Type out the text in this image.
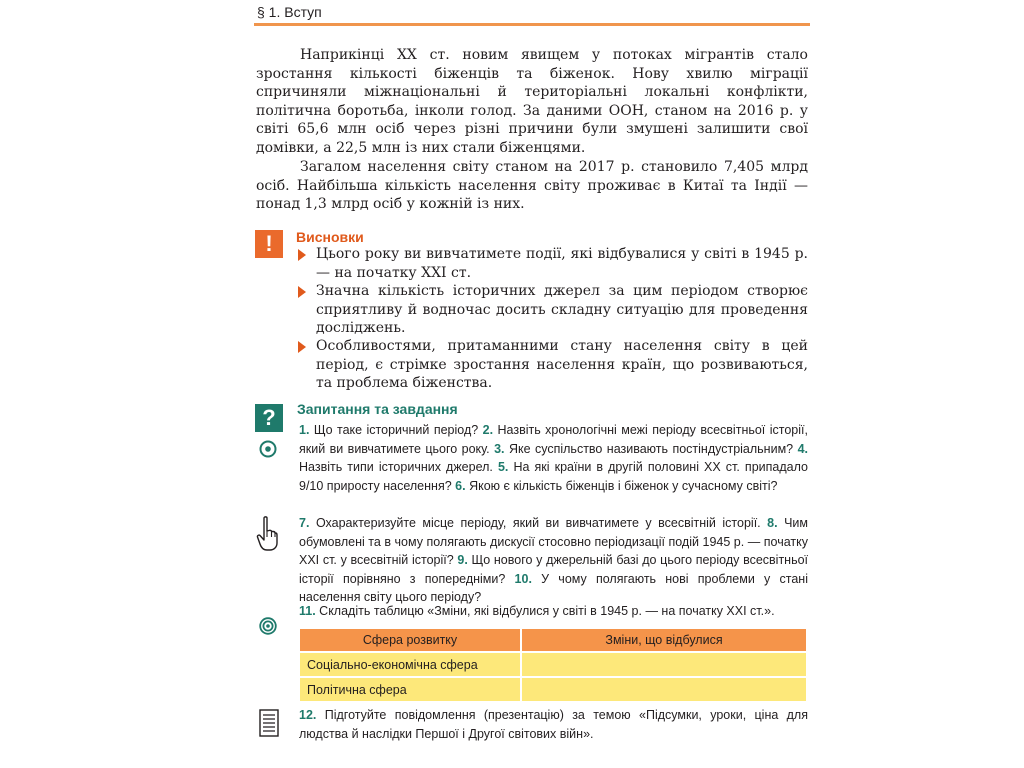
§ 1. Вступ

Наприкінці XX ст. новим явищем у потоках мігрантів стало зростання кількості біженців та біженок. Нову хвилю міграції спричиняли міжнаціональні й територіальні локальні конфлікти, політична боротьба, інколи голод. За даними ООН, станом на 2016 р. у світі 65,6 млн осіб через різні причини були змушені залишити свої домівки, а 22,5 млн із них стали біженцями.

Загалом населення світу станом на 2017 р. становило 7,405 млрд осіб. Найбільша кількість населення світу проживає в Китаї та Індії — понад 1,3 млрд осіб у кожній із них.

!	Висновки

Цього року ви вивчатимете події, які відбувалися у світі в 1945 р. — на початку XXI ст.

Значна кількість історичних джерел за цим періодом створює сприятливу й водночас досить складну ситуацію для проведення досліджень.

Особливостями, притаманними стану населення світу в цей період, є стрімке зростання населення країн, що розвиваються, та проблема біженства.

?	Запитання та завдання

1. Що таке історичний період? 2. Назвіть хронологічні межі періоду всесвітньої історії, який ви вивчатимете цього року. 3. Яке суспільство називають постіндустріальним? 4. Назвіть типи історичних джерел. 5. На які країни в другій половині XX ст. припадало 9/10 приросту населення? 6. Якою є кількість біженців і біженок у сучасному світі?

7. Охарактеризуйте місце періоду, який ви вивчатимете у всесвітній історії. 8. Чим обумовлені та в чому полягають дискусії стосовно періодизації подій 1945 р. — початку XXI ст. у всесвітній історії? 9. Що нового у джерельній базі до цього періоду всесвітньої історії порівняно з попередніми? 10. У чому полягають нові проблеми у стані населення світу цього періоду?

11. Складіть таблицю «Зміни, які відбулися у світі в 1945 р. — на початку XXI ст.».

Сфера розвитку	Зміни, що відбулися
Соціально-економічна сфера	
Політична сфера	

12. Підготуйте повідомлення (презентацію) за темою «Підсумки, уроки, ціна для людства й наслідки Першої і Другої світових війн».
